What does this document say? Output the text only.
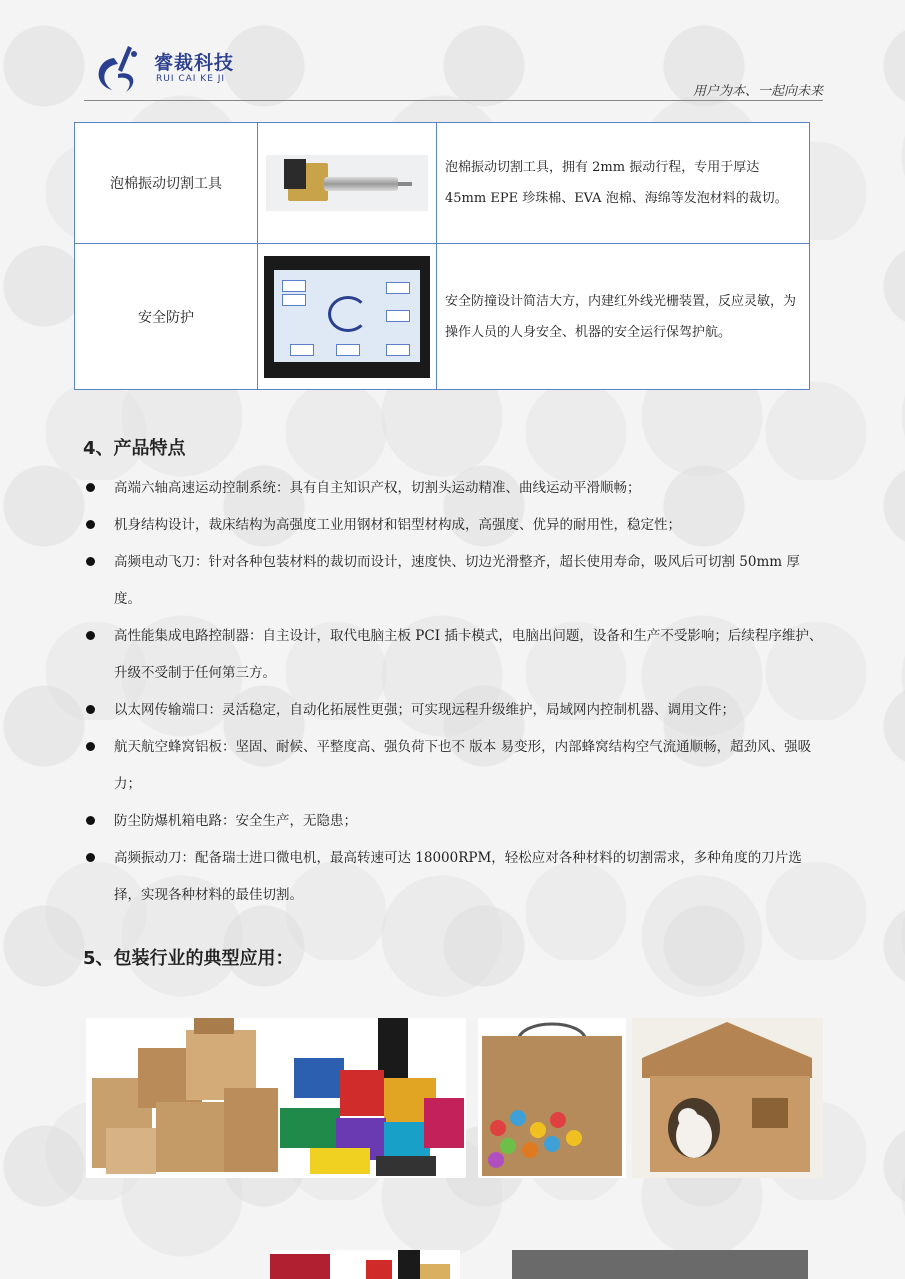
睿裁科技
RUI CAI KE JI
用户为本、一起向未来
泡棉振动切割工具		泡棉振动切割工具，拥有 2mm 振动行程，专用于厚达 45mm EPE 珍珠棉、EVA 泡棉、海绵等发泡材料的裁切。
安全防护		安全防撞设计简洁大方，内建红外线光栅装置，反应灵敏，为操作人员的人身安全、机器的安全运行保驾护航。
4、产品特点
高端六轴高速运动控制系统：具有自主知识产权，切割头运动精准、曲线运动平滑顺畅；
机身结构设计，裁床结构为高强度工业用钢材和铝型材构成，高强度、优异的耐用性，稳定性；
高频电动飞刀：针对各种包装材料的裁切而设计，速度快、切边光滑整齐，超长使用寿命，吸风后可切割 50mm 厚度。
高性能集成电路控制器：自主设计，取代电脑主板 PCI 插卡模式，电脑出问题，设备和生产不受影响；后续程序维护、升级不受制于任何第三方。
以太网传输端口：灵活稳定，自动化拓展性更强；可实现远程升级维护，局域网内控制机器、调用文件；
航天航空蜂窝铝板：坚固、耐候、平整度高、强负荷下也不 版本 易变形，内部蜂窝结构空气流通顺畅，超劲风、强吸力；
防尘防爆机箱电路：安全生产，无隐患；
高频振动刀：配备瑞士进口微电机，最高转速可达 18000RPM，轻松应对各种材料的切割需求，多种角度的刀片选择，实现各种材料的最佳切割。
5、包装行业的典型应用：
